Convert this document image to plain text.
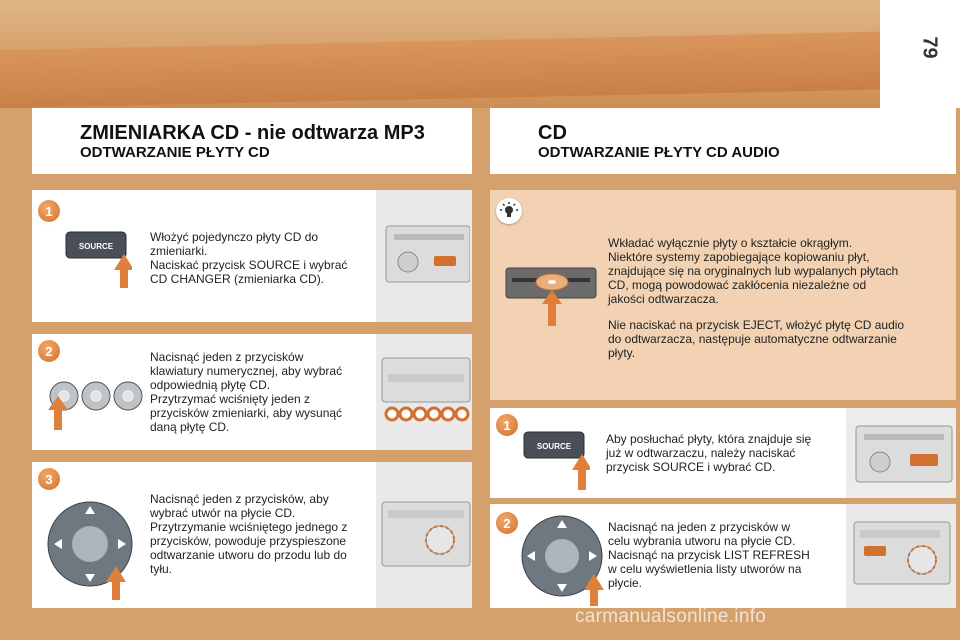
79
ZMIENIARKA CD - nie odtwarza MP3
ODTWARZANIE PŁYTY CD
CD
ODTWARZANIE PŁYTY CD AUDIO
SOURCE
Włożyć pojedynczo płyty CD do
zmieniarki.
Naciskać przycisk SOURCE i wybrać
CD CHANGER (zmieniarka CD).
1
Nacisnąć jeden z przycisków
klawiatury numerycznej, aby wybrać
odpowiednią płytę CD.
Przytrzymać wciśnięty jeden z
przycisków zmieniarki, aby wysunąć
daną płytę CD.
2
Nacisnąć jeden z przycisków, aby
wybrać utwór na płycie CD.
Przytrzymanie wciśniętego jednego z
przycisków, powoduje przyspieszone
odtwarzanie utworu do przodu lub do
tyłu.
3
Wkładać wyłącznie płyty o kształcie okrągłym.
Niektóre systemy zapobiegające kopiowaniu płyt,
znajdujące się na oryginalnych lub wypalanych płytach
CD, mogą powodować zakłócenia niezależne od
jakości odtwarzacza.
Nie naciskać na przycisk EJECT, włożyć płytę CD audio
do odtwarzacza, następuje automatyczne odtwarzanie
płyty.
SOURCE
Aby posłuchać płyty, która znajduje się
już w odtwarzaczu, należy naciskać
przycisk SOURCE i wybrać CD.
1
Nacisnąć na jeden z przycisków w
celu wybrania utworu na płycie CD.
Nacisnąć na przycisk LIST REFRESH
w celu wyświetlenia listy utworów na
płycie.
2
carmanualsonline.info
